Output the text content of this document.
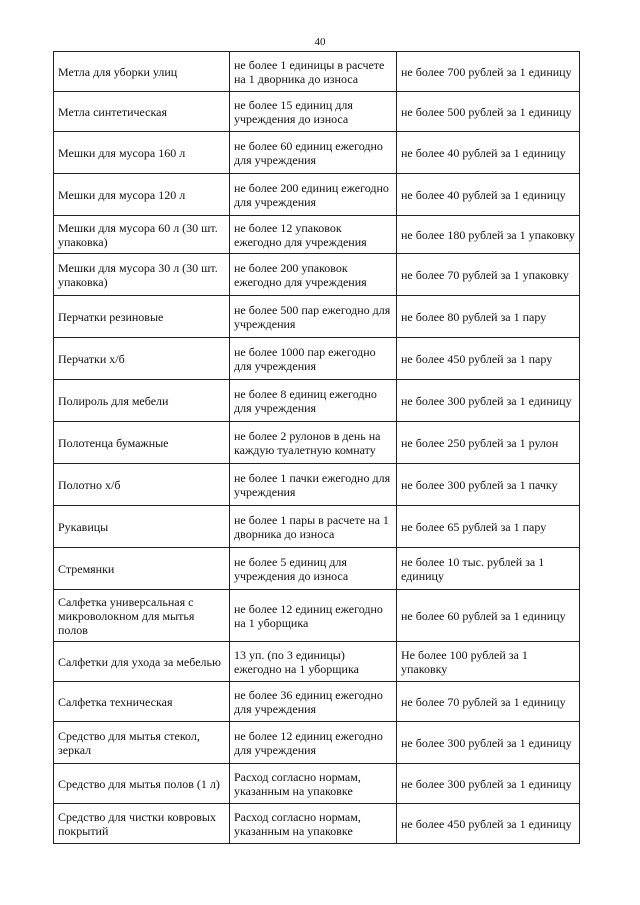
40
Метла для уборки улиц	не более 1 единицы в расчете на 1 дворника до износа	не более 700 рублей за 1 единицу
Метла синтетическая	не более 15 единиц для учреждения до износа	не более 500 рублей за 1 единицу
Мешки для мусора 160 л	не более 60 единиц ежегодно для учреждения	не более 40 рублей за 1 единицу
Мешки для мусора 120 л	не более 200 единиц ежегодно для учреждения	не более 40 рублей за 1 единицу
Мешки для мусора 60 л (30 шт. упаковка)	не более 12 упаковок ежегодно для учреждения	не более 180 рублей за 1 упаковку
Мешки для мусора 30 л (30 шт. упаковка)	не более 200 упаковок ежегодно для учреждения	не более 70 рублей за 1 упаковку
Перчатки резиновые	не более 500 пар ежегодно для учреждения	не более 80 рублей за 1 пару
Перчатки х/б	не более 1000 пар ежегодно для учреждения	не более 450 рублей за 1 пару
Полироль для мебели	не более 8 единиц ежегодно для учреждения	не более 300 рублей за 1 единицу
Полотенца бумажные	не более 2 рулонов в день на каждую туалетную комнату	не более 250 рублей за 1 рулон
Полотно х/б	не более 1 пачки ежегодно для учреждения	не более 300 рублей за 1 пачку
Рукавицы	не более 1 пары в расчете на 1 дворника до износа	не более 65 рублей за 1 пару
Стремянки	не более 5 единиц для учреждения до износа	не более 10 тыс. рублей за 1 единицу
Салфетка универсальная с микроволокном для мытья полов	не более 12 единиц ежегодно на 1 уборщика	не более 60 рублей за 1 единицу
Салфетки для ухода за мебелью	13 уп. (по 3 единицы) ежегодно на 1 уборщика	Не более 100 рублей за 1 упаковку
Салфетка техническая	не более 36 единиц ежегодно для учреждения	не более 70 рублей за 1 единицу
Средство для мытья стекол, зеркал	не более 12 единиц ежегодно для учреждения	не более 300 рублей за 1 единицу
Средство для мытья полов (1 л)	Расход согласно нормам, указанным на упаковке	не более 300 рублей за 1 единицу
Средство для чистки ковровых покрытий	Расход согласно нормам, указанным на упаковке	не более 450 рублей за 1 единицу
